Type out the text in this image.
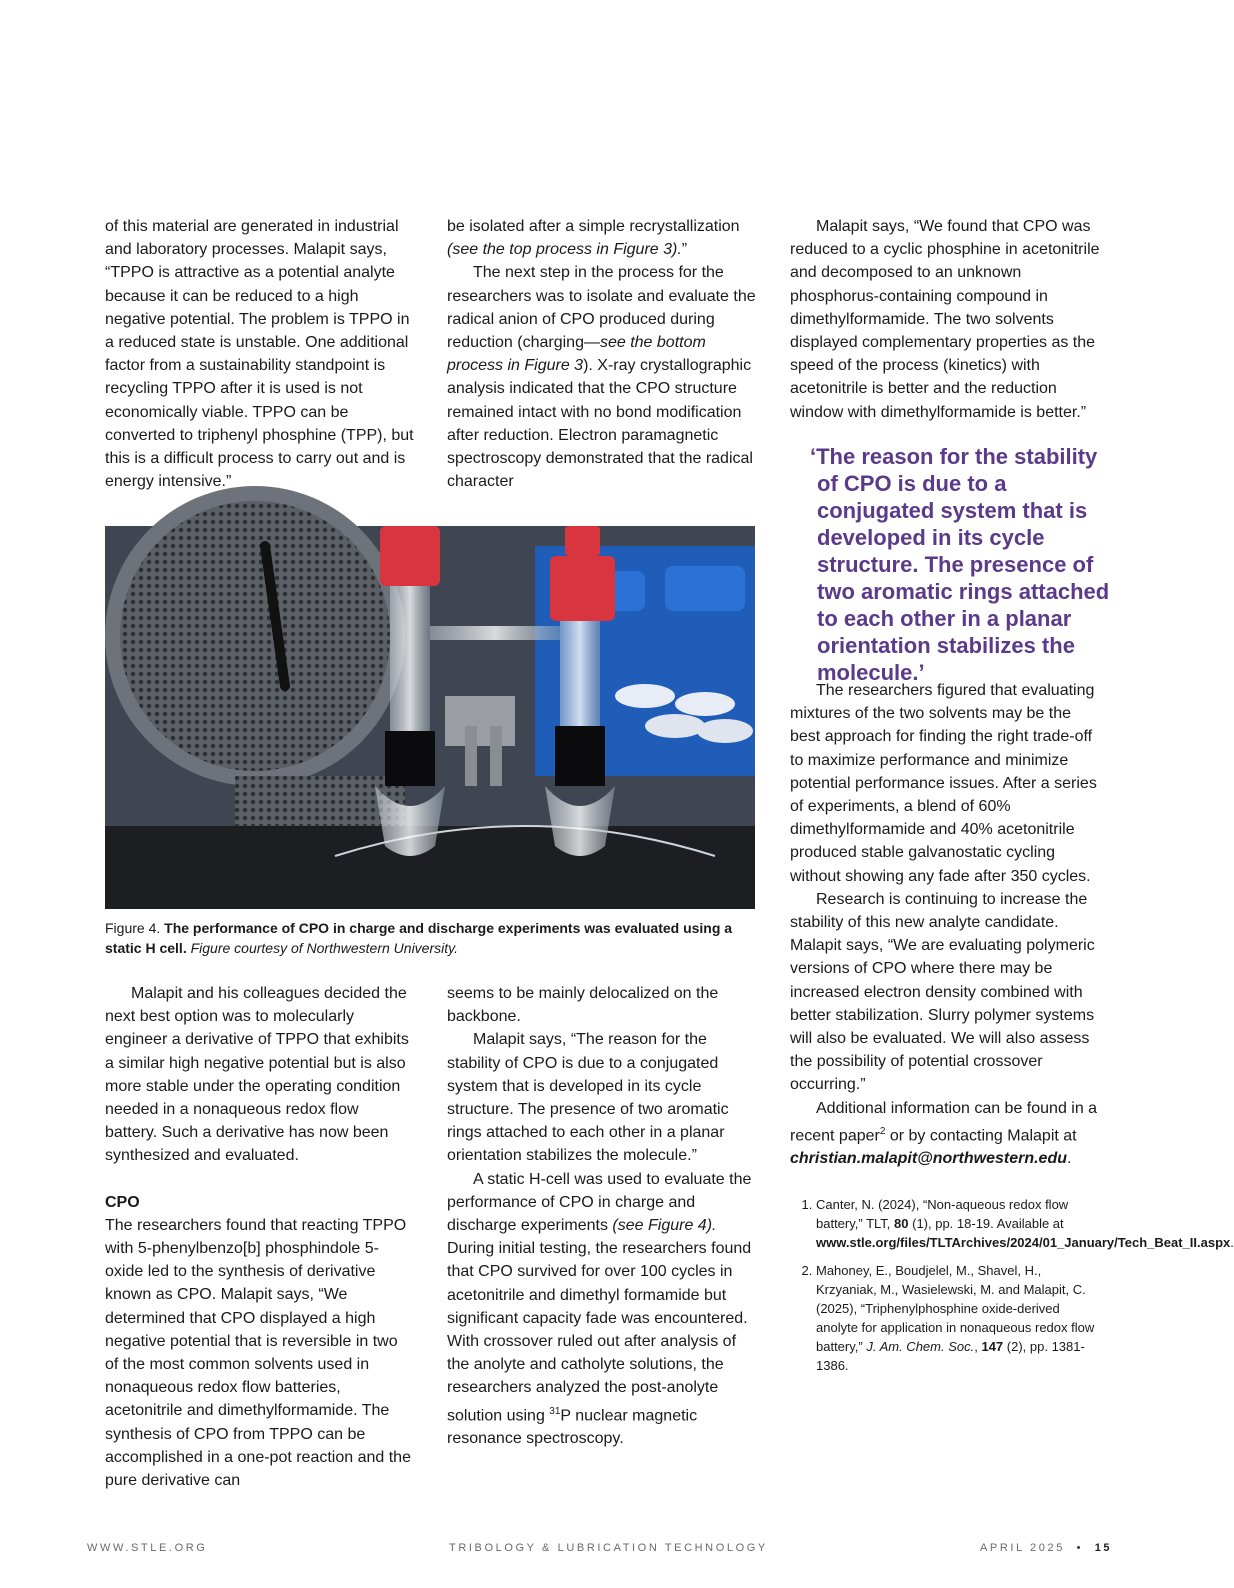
of this material are generated in industrial and laboratory processes. Malapit says, “TPPO is attractive as a potential analyte because it can be reduced to a high negative potential. The problem is TPPO in a reduced state is unstable. One additional factor from a sustainability standpoint is recycling TPPO after it is used is not economically viable. TPPO can be converted to triphenyl phosphine (TPP), but this is a difficult process to carry out and is energy intensive.”

be isolated after a simple recrystallization (see the top process in Figure 3).”

The next step in the process for the researchers was to isolate and evaluate the radical anion of CPO produced during reduction (charging—see the bottom process in Figure 3). X-ray crystallographic analysis indicated that the CPO structure remained intact with no bond modification after reduction. Electron paramagnetic spectroscopy demonstrated that the radical character

Malapit says, “We found that CPO was reduced to a cyclic phosphine in acetonitrile and decomposed to an unknown phosphorus-containing compound in dimethylformamide. The two solvents displayed complementary properties as the speed of the process (kinetics) with acetonitrile is better and the reduction window with dimethylformamide is better.”

‘The reason for the stability of CPO is due to a conjugated system that is developed in its cycle structure. The presence of two aromatic rings attached to each other in a planar orientation stabilizes the molecule.’

Figure 4. The performance of CPO in charge and discharge experiments was evaluated using a static H cell. Figure courtesy of Northwestern University.

Malapit and his colleagues decided the next best option was to molecularly engineer a derivative of TPPO that exhibits a similar high negative potential but is also more stable under the operating condition needed in a nonaqueous redox flow battery. Such a derivative has now been synthesized and evaluated.

CPO

The researchers found that reacting TPPO with 5-phenylbenzo[b] phosphindole 5-oxide led to the synthesis of derivative known as CPO. Malapit says, “We determined that CPO displayed a high negative potential that is reversible in two of the most common solvents used in nonaqueous redox flow batteries, acetonitrile and dimethylformamide. The synthesis of CPO from TPPO can be accomplished in a one-pot reaction and the pure derivative can

seems to be mainly delocalized on the backbone.

Malapit says, “The reason for the stability of CPO is due to a conjugated system that is developed in its cycle structure. The presence of two aromatic rings attached to each other in a planar orientation stabilizes the molecule.”

A static H-cell was used to evaluate the performance of CPO in charge and discharge experiments (see Figure 4). During initial testing, the researchers found that CPO survived for over 100 cycles in acetonitrile and dimethyl formamide but significant capacity fade was encountered. With crossover ruled out after analysis of the anolyte and catholyte solutions, the researchers analyzed the post-anolyte solution using $^{31}$P nuclear magnetic resonance spectroscopy.

The researchers figured that evaluating mixtures of the two solvents may be the best approach for finding the right trade-off to maximize performance and minimize potential performance issues. After a series of experiments, a blend of 60% dimethylformamide and 40% acetonitrile produced stable galvanostatic cycling without showing any fade after 350 cycles.

Research is continuing to increase the stability of this new analyte candidate. Malapit says, “We are evaluating polymeric versions of CPO where there may be increased electron density combined with better stabilization. Slurry polymer systems will also be evaluated. We will also assess the possibility of potential crossover occurring.”

Additional information can be found in a recent paper$^2$ or by contacting Malapit at christian.malapit@northwestern.edu.

1. Canter, N. (2024), “Non-aqueous redox flow battery,” TLT, 80 (1), pp. 18-19. Available at www.stle.org/files/TLTArchives/2024/01_January/Tech_Beat_II.aspx.
2. Mahoney, E., Boudjelel, M., Shavel, H., Krzyaniak, M., Wasielewski, M. and Malapit, C. (2025), “Triphenylphosphine oxide-derived anolyte for application in nonaqueous redox flow battery,” J. Am. Chem. Soc., 147 (2), pp. 1381-1386.
WWW.STLE.ORG	TRIBOLOGY & LUBRICATION TECHNOLOGY	APRIL 2025 • 15
